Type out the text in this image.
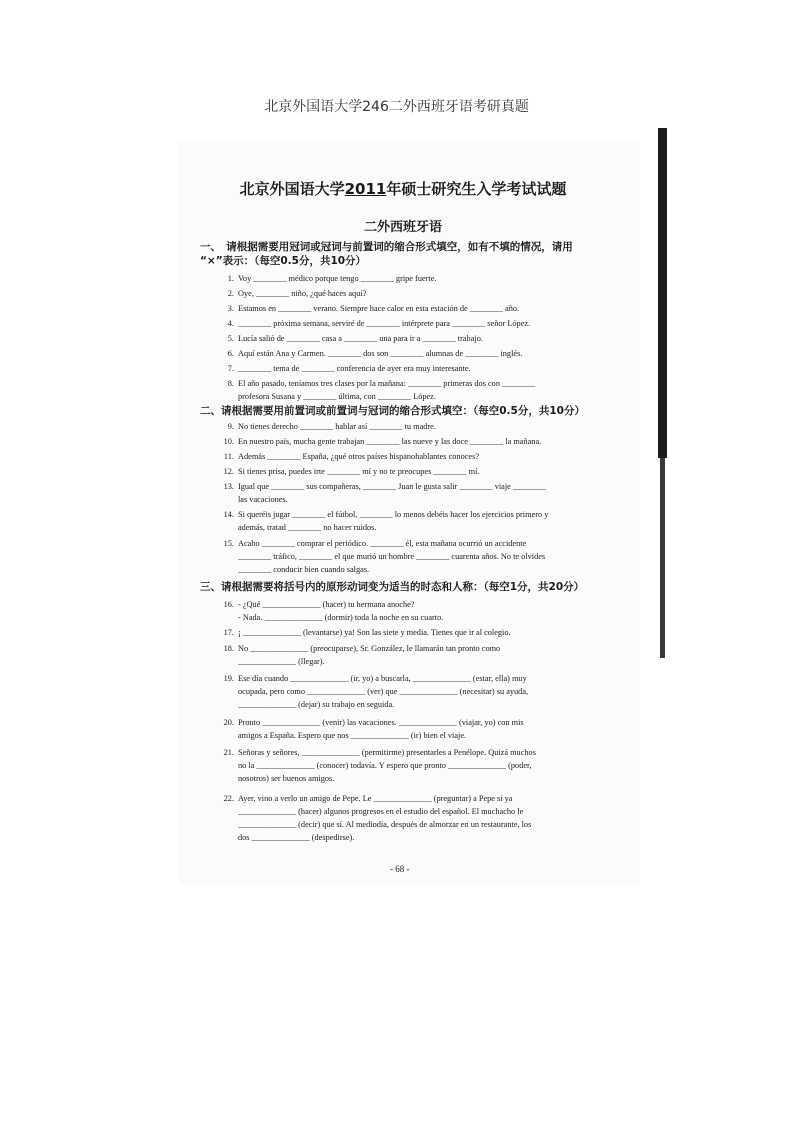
北京外国语大学246二外西班牙语考研真题
北京外国语大学2011年硕士研究生入学考试试题
二外西班牙语
一、　请根据需要用冠词或冠词与前置词的缩合形式填空，如有不填的情况，请用
“×”表示：（每空0.5分，共10分）
1. Voy ________ médico porque tengo ________ gripe fuerte.
2. Oye, ________ niño, ¿qué haces aquí?
3. Estamos en ________ verano. Siempre hace calor en esta estación de ________ año.
4. ________ próxima semana, serviré de ________ intérprete para ________ señor López.
5. Lucía salió de ________ casa a ________ una para ir a ________ trabajo.
6. Aquí están Ana y Carmen. ________ dos son ________ alumnas de ________ inglés.
7. ________ tema de ________ conferencia de ayer era muy interesante.
8. El año pasado, teníamos tres clases por la mañana: ________ primeras dos con ________
profesora Susana y ________ última, con ________ López.
二、请根据需要用前置词或前置词与冠词的缩合形式填空：（每空0.5分，共10分）
9. No tienes derecho ________ hablar así ________ tu madre.
10. En nuestro país, mucha gente trabajan ________ las nueve y las doce ________ la mañana.
11. Además ________ España, ¿qué otros países hispanohablantes conoces?
12. Si tienes prisa, puedes irte ________ mí y no te preocupes ________ mí.
13. Igual que ________ sus compañeras, ________ Juan le gusta salir ________ viaje ________
las vacaciones.
14. Si queréis jugar ________ el fútbol, ________ lo menos debéis hacer los ejercicios primero y
además, tratad ________ no hacer ruidos.
15. Acabo ________ comprar el periódico. ________ él, esta mañana ocurrió un accidente
________ tráfico, ________ el que murió un hombre ________ cuarenta años. No te olvides
________ conducir bien cuando salgas.
三、请根据需要将括号内的原形动词变为适当的时态和人称：（每空1分，共20分）
16. - ¿Qué ______________ (hacer) tu hermana anoche?
- Nada. ______________ (dormir) toda la noche en su cuarto.
17. ¡ ______________ (levantarse) ya! Son las siete y media. Tienes que ir al colegio.
18. No ______________ (preocuparse), Sr. González, le llamarán tan pronto como
______________ (llegar).
19. Ese día cuando ______________ (ir, yo) a buscarla, ______________ (estar, ella) muy
ocupada, pero como ______________ (ver) que ______________ (necesitar) su ayuda,
______________ (dejar) su trabajo en seguida.
20. Pronto ______________ (venir) las vacaciones. ______________ (viajar, yo) con mis
amigos a España. Espero que nos ______________ (ir) bien el viaje.
21. Señoras y señores, ______________ (permitirme) presentarles a Penélope. Quizá muchos
no la ______________ (conocer) todavía. Y espero que pronto ______________ (poder,
nosotros) ser buenos amigos.
22. Ayer, vino a verlo un amigo de Pepe. Le ______________ (preguntar) a Pepe si ya
______________ (hacer) algunos progresos en el estudio del español. El muchacho le
______________ (decir) que sí. Al mediodía, después de almorzar en un restaurante, los
dos ______________ (despedirse).
- 68 -
